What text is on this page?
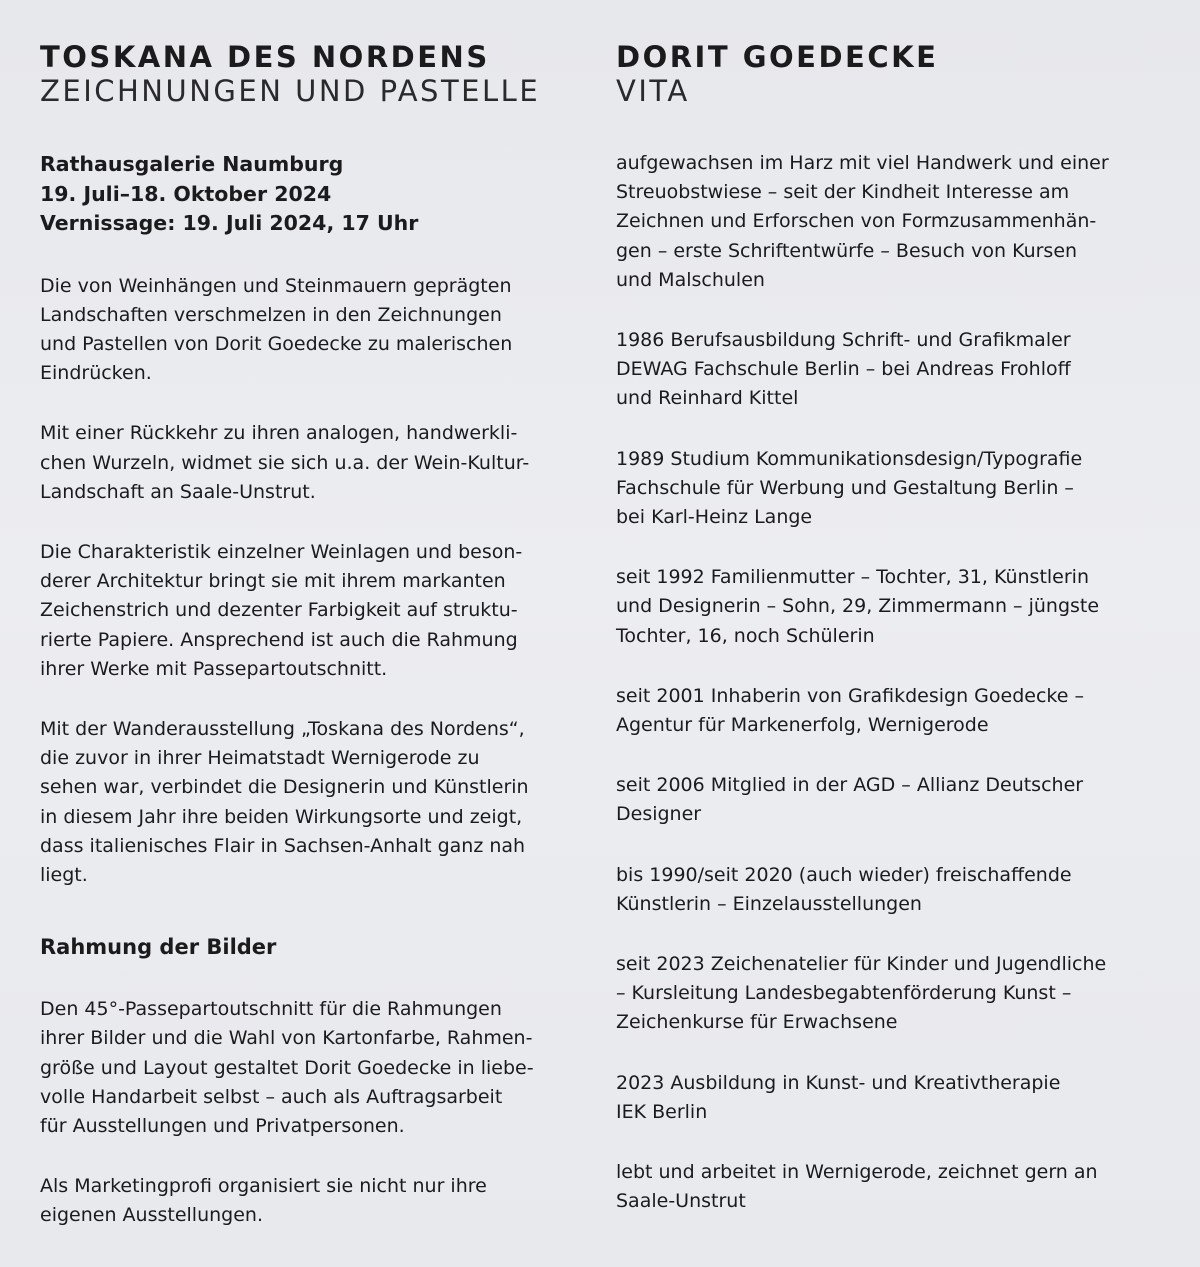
TOSKANA DES NORDENS
ZEICHNUNGEN UND PASTELLE
Rathausgalerie Naumburg
19. Juli–18. Oktober 2024
Vernissage: 19. Juli 2024, 17 Uhr

Die von Weinhängen und Steinmauern geprägten
Landschaften verschmelzen in den Zeichnungen
und Pastellen von Dorit Goedecke zu malerischen
Eindrücken.

Mit einer Rückkehr zu ihren analogen, handwerkli-
chen Wurzeln, widmet sie sich u.a. der Wein-Kultur-
Landschaft an Saale-Unstrut.

Die Charakteristik einzelner Weinlagen und beson-
derer Architektur bringt sie mit ihrem markanten
Zeichenstrich und dezenter Farbigkeit auf struktu-
rierte Papiere. Ansprechend ist auch die Rahmung
ihrer Werke mit Passepartoutschnitt.

Mit der Wanderausstellung „Toskana des Nordens“,
die zuvor in ihrer Heimatstadt Wernigerode zu
sehen war, verbindet die Designerin und Künstlerin
in diesem Jahr ihre beiden Wirkungsorte und zeigt,
dass italienisches Flair in Sachsen-Anhalt ganz nah
liegt.

Rahmung der Bilder

Den 45°-Passepartoutschnitt für die Rahmungen
ihrer Bilder und die Wahl von Kartonfarbe, Rahmen-
größe und Layout gestaltet Dorit Goedecke in liebe-
volle Handarbeit selbst – auch als Auftragsarbeit
für Ausstellungen und Privatpersonen.

Als Marketingprofi organisiert sie nicht nur ihre
eigenen Ausstellungen.

DORIT GOEDECKE
VITA

aufgewachsen im Harz mit viel Handwerk und einer
Streuobstwiese – seit der Kindheit Interesse am
Zeichnen und Erforschen von Formzusammenhän-
gen – erste Schriftentwürfe – Besuch von Kursen
und Malschulen

1986 Berufsausbildung Schrift- und Grafikmaler
DEWAG Fachschule Berlin – bei Andreas Frohloff
und Reinhard Kittel

1989 Studium Kommunikationsdesign/Typografie
Fachschule für Werbung und Gestaltung Berlin –
bei Karl-Heinz Lange

seit 1992 Familienmutter – Tochter, 31, Künstlerin
und Designerin – Sohn, 29, Zimmermann – jüngste
Tochter, 16, noch Schülerin

seit 2001 Inhaberin von Grafikdesign Goedecke –
Agentur für Markenerfolg, Wernigerode

seit 2006 Mitglied in der AGD – Allianz Deutscher
Designer

bis 1990/seit 2020 (auch wieder) freischaffende
Künstlerin – Einzelausstellungen

seit 2023 Zeichenatelier für Kinder und Jugendliche
– Kursleitung Landesbegabtenförderung Kunst –
Zeichenkurse für Erwachsene

2023 Ausbildung in Kunst- und Kreativtherapie
IEK Berlin

lebt und arbeitet in Wernigerode, zeichnet gern an
Saale-Unstrut
